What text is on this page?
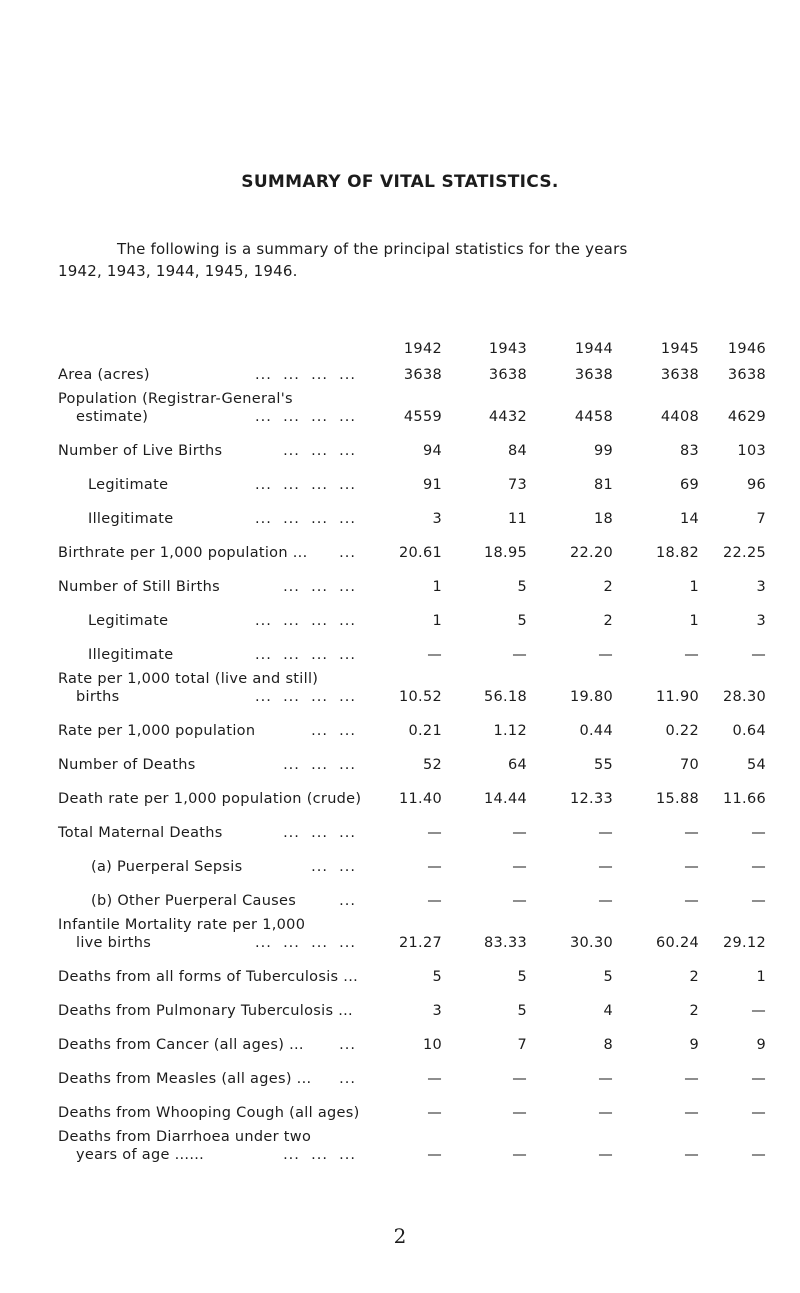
SUMMARY OF VITAL STATISTICS.
The following is a summary of the principal statistics for the years
1942, 1943, 1944, 1945, 1946.
1942	1943	1944	1945	1946
Area (acres)	...  ...  ...  ...	3638	3638	3638	3638	3638
Population (Registrar-General's
estimate)	...  ...  ...  ...	4559	4432	4458	4408	4629
Number of Live Births	...  ...  ...	94	84	99	83	103
Legitimate	...  ...  ...  ...	91	73	81	69	96
Illegitimate	...  ...  ...  ...	3	11	18	14	7
Birthrate per 1,000 population ... ...	20.61	18.95	22.20	18.82	22.25
Number of Still Births	...  ...  ...	1	5	2	1	3
Legitimate	...  ...  ...  ...	1	5	2	1	3
Illegitimate	...  ...  ...  ...	—	—	—	—	—
Rate per 1,000 total (live and still)
births	...  ...  ...  ...	10.52	56.18	19.80	11.90	28.30
Rate per 1,000 population	...  ...	0.21	1.12	0.44	0.22	0.64
Number of Deaths	...  ...  ...	52	64	55	70	54
Death rate per 1,000 population (crude)	11.40	14.44	12.33	15.88	11.66
Total Maternal Deaths	...  ...  ...	—	—	—	—	—
(a) Puerperal Sepsis	...  ...	—	—	—	—	—
(b) Other Puerperal Causes	...	—	—	—	—	—
Infantile Mortality rate per 1,000
live births	...  ...  ...  ...	21.27	83.33	30.30	60.24	29.12
Deaths from all forms of Tuberculosis ...	5	5	5	2	1
Deaths from Pulmonary Tuberculosis ...	3	5	4	2	—
Deaths from Cancer (all ages) ... ...	10	7	8	9	9
Deaths from Measles (all ages) ... ...	—	—	—	—	—
Deaths from Whooping Cough (all ages)	—	—	—	—	—
Deaths from Diarrhoea under two
years of age ......	...  ...  ...	—	—	—	—	—
2
